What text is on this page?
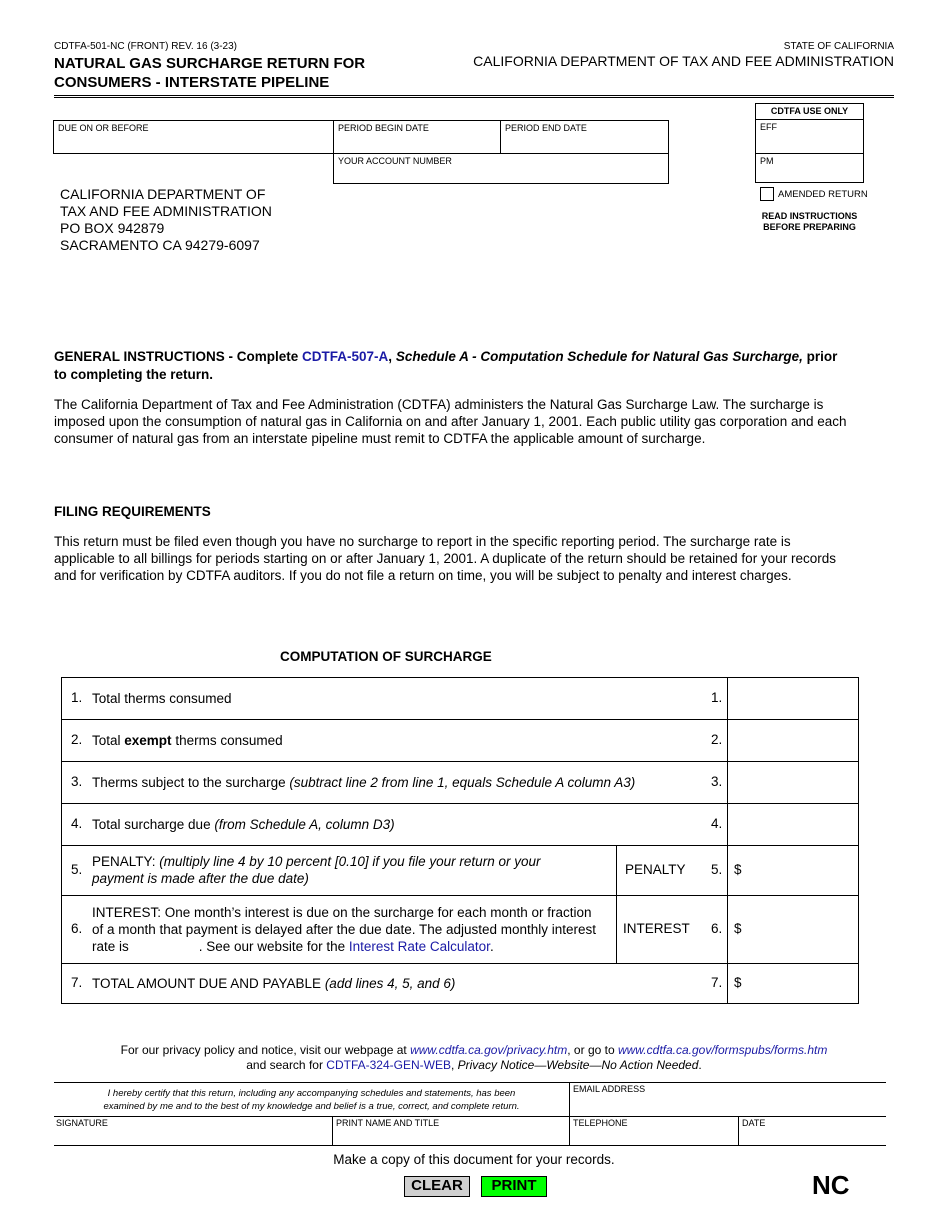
CDTFA-501-NC (FRONT) REV. 16 (3-23)
NATURAL GAS SURCHARGE RETURN FOR
CONSUMERS - INTERSTATE PIPELINE
STATE OF CALIFORNIA
CALIFORNIA DEPARTMENT OF TAX AND FEE ADMINISTRATION
DUE ON OR BEFORE	PERIOD BEGIN DATE	PERIOD END DATE
YOUR ACCOUNT NUMBER
CDTFA USE ONLY
EFF
PM
AMENDED RETURN
READ INSTRUCTIONS
BEFORE PREPARING
CALIFORNIA DEPARTMENT OF
TAX AND FEE ADMINISTRATION
PO BOX 942879
SACRAMENTO CA 94279-6097
GENERAL INSTRUCTIONS - Complete CDTFA-507-A, Schedule A - Computation Schedule for Natural Gas Surcharge, prior
to completing the return.
The California Department of Tax and Fee Administration (CDTFA) administers the Natural Gas Surcharge Law. The surcharge is
imposed upon the consumption of natural gas in California on and after January 1, 2001. Each public utility gas corporation and each
consumer of natural gas from an interstate pipeline must remit to CDTFA the applicable amount of surcharge.
FILING REQUIREMENTS
This return must be filed even though you have no surcharge to report in the specific reporting period. The surcharge rate is
applicable to all billings for periods starting on or after January 1, 2001. A duplicate of the return should be retained for your records
and for verification by CDTFA auditors. If you do not file a return on time, you will be subject to penalty and interest charges.
COMPUTATION OF SURCHARGE
1. Total therms consumed	1.
2. Total exempt therms consumed	2.
3. Therms subject to the surcharge (subtract line 2 from line 1, equals Schedule A column A3)	3.
4. Total surcharge due (from Schedule A, column D3)	4.
5.
PENALTY: (multiply line 4 by 10 percent [0.10] if you file your return or your
payment is made after the due date)
PENALTY 5. $
6.
INTEREST: One month’s interest is due on the surcharge for each month or fraction
of a month that payment is delayed after the due date. The adjusted monthly interest
rate is	. See our website for the Interest Rate Calculator.
INTEREST 6. $
7. TOTAL AMOUNT DUE AND PAYABLE (add lines 4, 5, and 6)	7. $
For our privacy policy and notice, visit our webpage at www.cdtfa.ca.gov/privacy.htm, or go to www.cdtfa.ca.gov/formspubs/forms.htm
and search for CDTFA-324-GEN-WEB, Privacy Notice—Website—No Action Needed.
I hereby certify that this return, including any accompanying schedules and statements, has been
examined by me and to the best of my knowledge and belief is a true, correct, and complete return.
EMAIL ADDRESS
SIGNATURE	PRINT NAME AND TITLE	TELEPHONE	DATE
Make a copy of this document for your records.
CLEAR	PRINT	NC
